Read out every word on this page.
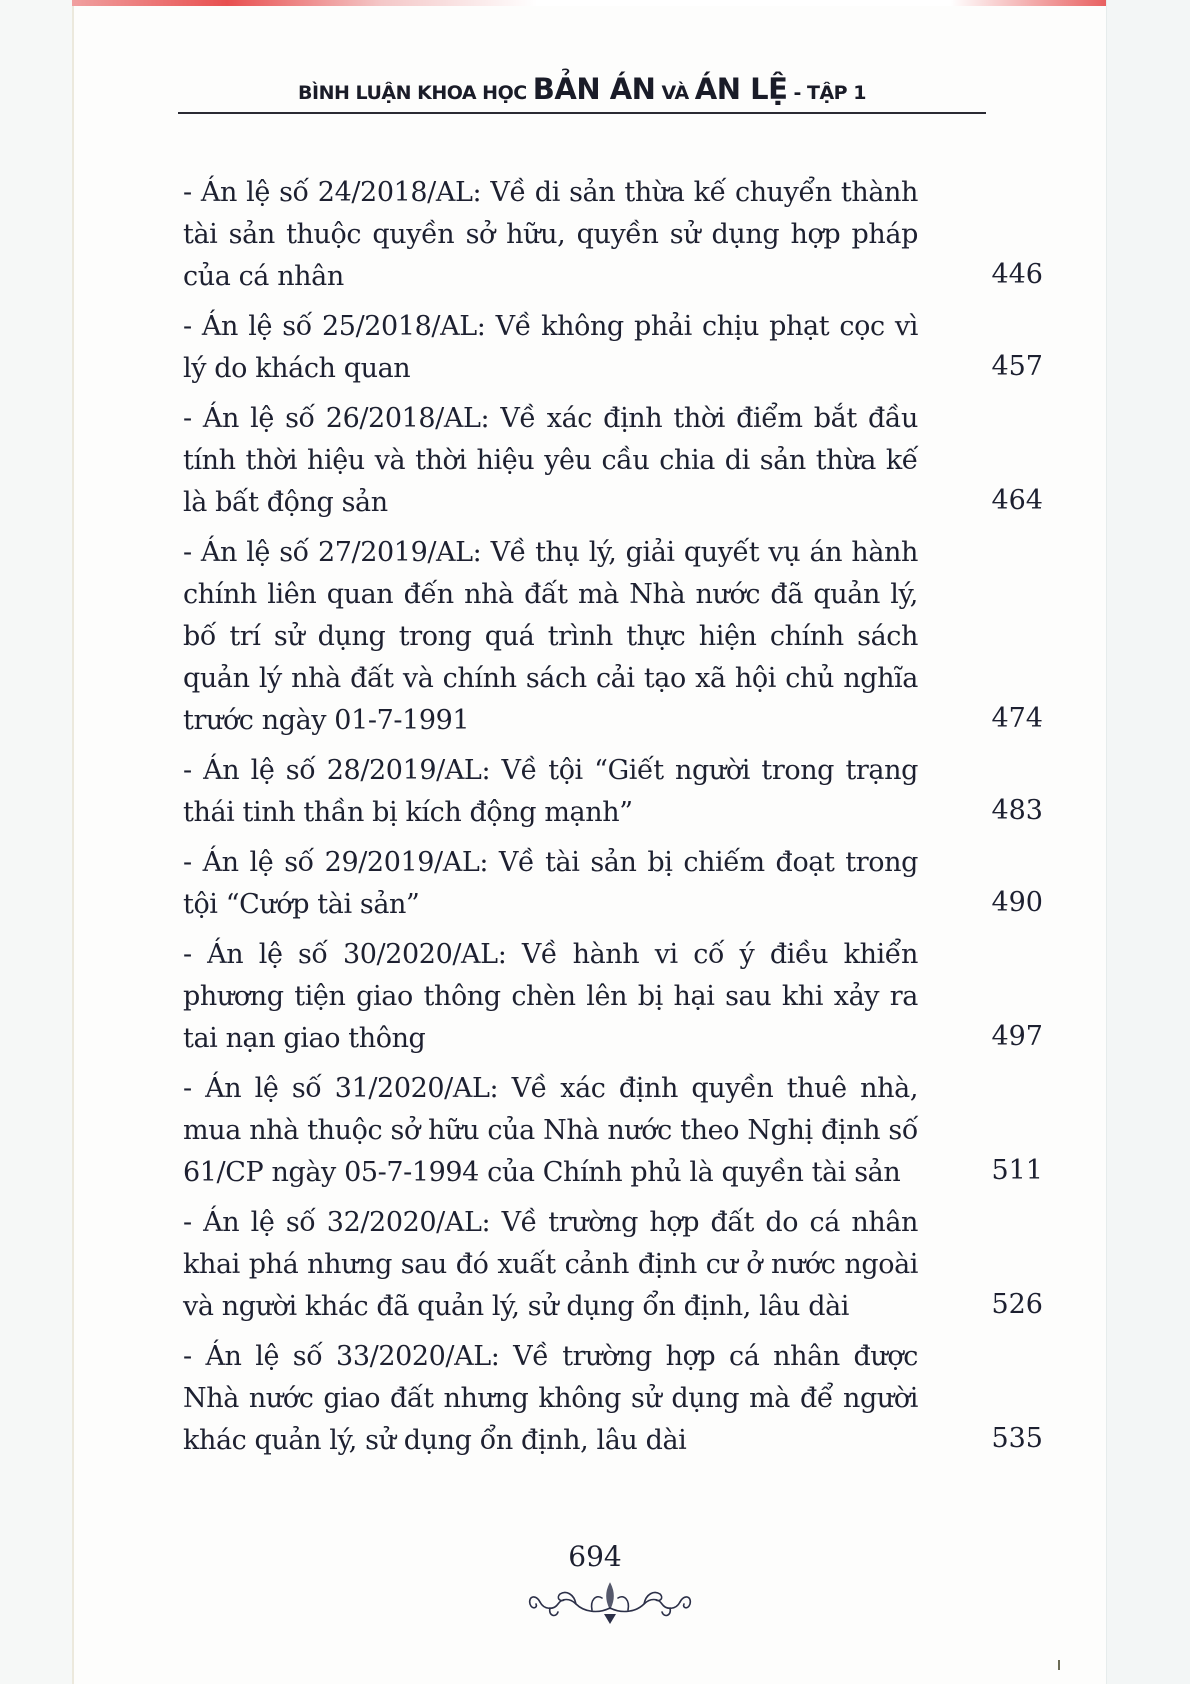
BÌNH LUẬN KHOA HỌC BẢN ÁN VÀ ÁN LỆ - TẬP 1
- Án lệ số 24/2018/AL: Về di sản thừa kế chuyển thành tài sản thuộc quyền sở hữu, quyền sử dụng hợp pháp của cá nhân	446
- Án lệ số 25/2018/AL: Về không phải chịu phạt cọc vì lý do khách quan	457
- Án lệ số 26/2018/AL: Về xác định thời điểm bắt đầu tính thời hiệu và thời hiệu yêu cầu chia di sản thừa kế là bất động sản	464
- Án lệ số 27/2019/AL: Về thụ lý, giải quyết vụ án hành chính liên quan đến nhà đất mà Nhà nước đã quản lý, bố trí sử dụng trong quá trình thực hiện chính sách quản lý nhà đất và chính sách cải tạo xã hội chủ nghĩa trước ngày 01-7-1991	474
- Án lệ số 28/2019/AL: Về tội “Giết người trong trạng thái tinh thần bị kích động mạnh”	483
- Án lệ số 29/2019/AL: Về tài sản bị chiếm đoạt trong tội “Cướp tài sản”	490
- Án lệ số 30/2020/AL: Về hành vi cố ý điều khiển phương tiện giao thông chèn lên bị hại sau khi xảy ra tai nạn giao thông	497
- Án lệ số 31/2020/AL: Về xác định quyền thuê nhà, mua nhà thuộc sở hữu của Nhà nước theo Nghị định số 61/CP ngày 05-7-1994 của Chính phủ là quyền tài sản	511
- Án lệ số 32/2020/AL: Về trường hợp đất do cá nhân khai phá nhưng sau đó xuất cảnh định cư ở nước ngoài và người khác đã quản lý, sử dụng ổn định, lâu dài	526
- Án lệ số 33/2020/AL: Về trường hợp cá nhân được Nhà nước giao đất nhưng không sử dụng mà để người khác quản lý, sử dụng ổn định, lâu dài	535
694
